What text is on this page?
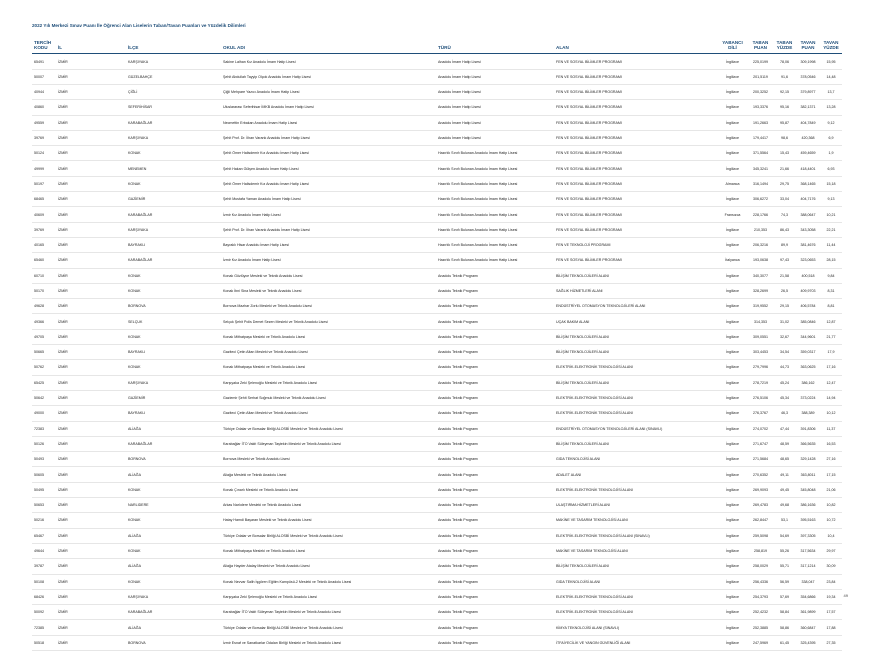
2022 Yılı Merkezi Sınav Puanı İle Öğrenci Alan Liselerin Taban/Tavan Puanları ve Yüzdelik Dilimleri
TERCİH KODU	İL	İLÇE	OKUL ADI	TÜRÜ	ALAN	YABANCI DİLİ	TABAN PUAN	TABAN YÜZDE	TAVAN PUAN	TAVAN YÜZDE
65491	İZMİR	KARŞIYAKA	Sakine Lalhan Kız Anadolu İmam Hatip Lisesi	Anadolu İmam Hatip Lisesi	FEN VE SOSYAL BİLİMLER PROGRAMI	İngilizce	225,0199	78,06	309,1998	15,95
50007	İZMİR	GÜZELBAHÇE	Şehit Abdullah Tayyip Olçok Anadolu İmam Hatip Lisesi	Anadolu İmam Hatip Lisesi	FEN VE SOSYAL BİLİMLER PROGRAMI	İngilizce	201,5119	91,6	378,0546	14,48
40944	İZMİR	ÇİĞLİ	Çiğli Mehpare Yazıcı Anadolu İmam Hatip Lisesi	Anadolu İmam Hatip Lisesi	FEN VE SOSYAL BİLİMLER PROGRAMI	İngilizce	200,3252	92,15	379,8977	13,7
40860	İZMİR	SEFERİHİSAR	Uluslararası Seferihisar İMKB Anadolu İmam Hatip Lisesi	Anadolu İmam Hatip Lisesi	FEN VE SOSYAL BİLİMLER PROGRAMI	İngilizce	193,3376	95,16	382,1371	13,28
49559	İZMİR	KARABAĞLAR	Necmettin Erbakan Anadolu İmam Hatip Lisesi	Anadolu İmam Hatip Lisesi	FEN VE SOSYAL BİLİMLER PROGRAMI	İngilizce	191,2663	95,87	404,7849	9,12
39769	İZMİR	KARŞIYAKA	Şehit Prof. Dr. İlhan Varank Anadolu İmam Hatip Lisesi	Anadolu İmam Hatip Lisesi	FEN VE SOSYAL BİLİMLER PROGRAMI	İngilizce	179,4417	98,6	420,368	6,9
50124	İZMİR	KONAK	Şehit Ömer Halisdemir Kız Anadolu İmam Hatip Lisesi	Hazırlık Sınıfı Bulunan Anadolu İmam Hatip Lisesi	FEN VE SOSYAL BİLİMLER PROGRAMI	İngilizce	371,5564	15,43	459,4659	1,9
49999	İZMİR	MENEMEN	Şehit Hakan Gülşen Anadolu İmam Hatip Lisesi	Hazırlık Sınıfı Bulunan Anadolu İmam Hatip Lisesi	FEN VE SOSYAL BİLİMLER PROGRAMI	İngilizce	345,3241	21,66	418,4401	6,93
50197	İZMİR	KONAK	Şehit Ömer Halisdemir Kız Anadolu İmam Hatip Lisesi	Hazırlık Sınıfı Bulunan Anadolu İmam Hatip Lisesi	FEN VE SOSYAL BİLİMLER PROGRAMI	Almanca	316,1494	29,75	368,1465	15,18
68465	İZMİR	GAZİEMİR	Şehit Mustafa Yaman Anadolu İmam Hatip Lisesi	Hazırlık Sınıfı Bulunan Anadolu İmam Hatip Lisesi	FEN VE SOSYAL BİLİMLER PROGRAMI	İngilizce	306,6272	33,04	404,7176	9,13
40609	İZMİR	KARABAĞLAR	İzmir Kız Anadolu İmam Hatip Lisesi	Hazırlık Sınıfı Bulunan Anadolu İmam Hatip Lisesi	FEN VE SOSYAL BİLİMLER PROGRAMI	Fransızca	228,1766	74,3	388,0647	10,21
39769	İZMİR	KARŞIYAKA	Şehit Prof. Dr. İlhan Varank Anadolu İmam Hatip Lisesi	Hazırlık Sınıfı Bulunan Anadolu İmam Hatip Lisesi	FEN VE SOSYAL BİLİMLER PROGRAMI	İngilizce	210,353	86,43	343,3058	22,21
40165	İZMİR	BAYRAKLI	Bayraklı Hisar Anadolu İmam Hatip Lisesi	Hazırlık Sınıfı Bulunan Anadolu İmam Hatip Lisesi	FEN VE TEKNOLOJİ PROGRAMI	İngilizce	206,3216	89,9	381,4676	11,44
65460	İZMİR	KARABAĞLAR	İzmir Kız Anadolu İmam Hatip Lisesi	Hazırlık Sınıfı Bulunan Anadolu İmam Hatip Lisesi	FEN VE SOSYAL BİLİMLER PROGRAMI	İtalyanca	193,0638	97,43	323,0653	28,15
60710	İZMİR	KONAK	Konak Gözlüyce Mesleki ve Teknik Anadolu Lisesi	Anadolu Teknik Programı	BİLİŞİM TEKNOLOJİLERİ ALANI	İngilizce	340,3077	21,58	400,518	9,84
50170	İZMİR	KONAK	Konak İbni Sina Mesleki ve Teknik Anadolu Lisesi	Anadolu Teknik Programı	SAĞLIK HİZMETLERİ ALANI	İngilizce	328,2699	26,5	409,9703	8,31
49628	İZMİR	BORNOVA	Bornova Mazhar Zorlu Mesleki ve Teknik Anadolu Lisesi	Anadolu Teknik Programı	ENDÜSTRİYEL OTOMASYON TEKNOLOJİLERİ ALANI	İngilizce	319,9552	29,15	406,5784	8,81
49366	İZMİR	SELÇUK	Selçuk Şehit Polis Demet Sezen Mesleki ve Teknik Anadolu Lisesi	Anadolu Teknik Programı	UÇAK BAKIM ALANI	İngilizce	314,353	31,02	385,0846	12,87
49705	İZMİR	KONAK	Konak Mithatpaşa Mesleki ve Teknik Anadolu Lisesi	Anadolu Teknik Programı	BİLİŞİM TEKNOLOJİLERİ ALANI	İngilizce	309,0551	32,67	344,9601	21,77
50665	İZMİR	BAYRAKLI	Gaziteci Çetin Altan Mesleki ve Teknik Anadolu Lisesi	Anadolu Teknik Programı	BİLİŞİM TEKNOLOJİLERİ ALANI	İngilizce	303,4453	34,54	359,0317	17,9
50762	İZMİR	KONAK	Konak Mithatpaşa Mesleki ve Teknik Anadolu Lisesi	Anadolu Teknik Programı	ELEKTRİK-ELEKTRONİK TEKNOLOJİSİ ALANI	İngilizce	279,7996	44,73	363,0625	17,16
65425	İZMİR	KARŞIYAKA	Karşıyaka Zeki Şelenoğlu Mesleki ve Teknik Anadolu Lisesi	Anadolu Teknik Programı	BİLİŞİM TEKNOLOJİLERİ ALANI	İngilizce	278,7219	45,24	386,162	12,47
50642	İZMİR	GAZİEMİR	Gaziemir Şehit Serhat Soğmuk Mesleki ve Teknik Anadolu Lisesi	Anadolu Teknik Programı	ELEKTRİK-ELEKTRONİK TEKNOLOJİSİ ALANI	İngilizce	276,5106	45,34	373,0224	14,94
49000	İZMİR	BAYRAKLI	Gaziteci Çetin Altan Mesleki ve Teknik Anadolu Lisesi	Anadolu Teknik Programı	ELEKTRİK-ELEKTRONİK TEKNOLOJİSİ ALANI	İngilizce	276,3767	46,3	388,389	10,12
72383	İZMİR	ALİAĞA	Türkiye Odalar ve Borsalar Birliği ALOSBİ Mesleki ve Teknik Anadolu Lisesi	Anadolu Teknik Programı	ENDÜSTRİYEL OTOMASYON TEKNOLOJİLERİ ALANI (SINAVLI)	İngilizce	274,0702	47,44	391,8306	11,37
50126	İZMİR	KARABAĞLAR	Karabağlar İTO Vakfı Süleyman Taştekin Mesleki ve Teknik Anadolu Lisesi	Anadolu Teknik Programı	BİLİŞİM TEKNOLOJİLERİ ALANI	İngilizce	271,6747	48,59	366,5635	16,53
50493	İZMİR	BORNOVA	Bornova Mesleki ve Teknik Anadolu Lisesi	Anadolu Teknik Programı	GIDA TEKNOLOJİSİ ALANI	İngilizce	271,5684	48,65	329,1428	27,16
50605	İZMİR	ALİAĞA	Aliağa Mesleki ve Teknik Anadolu Lisesi	Anadolu Teknik Programı	ADALET ALANI	İngilizce	270,6352	49,11	363,8011	17,15
50495	İZMİR	KONAK	Konak Çınarlı Mesleki ve Teknik Anadolu Lisesi	Anadolu Teknik Programı	ELEKTRİK-ELEKTRONİK TEKNOLOJİSİ ALANI	İngilizce	269,9093	49,45	345,8048	21,06
50653	İZMİR	NARLIDERE	Arkas Narlıdere Mesleki ve Teknik Anadolu Lisesi	Anadolu Teknik Programı	ULAŞTIRMA HİZMETLERİ ALANI	İngilizce	269,4783	49,68	386,1636	10,82
50216	İZMİR	KONAK	Hatay Hamdi Başaran Mesleki ve Teknik Anadolu Lisesi	Anadolu Teknik Programı	MAKİNE VE TASARIM TEKNOLOJİSİ ALANI	İngilizce	262,8447	53,1	395,5163	10,72
65467	İZMİR	ALİAĞA	Türkiye Odalar ve Borsalar Birliği ALOSBİ Mesleki ve Teknik Anadolu Lisesi	Anadolu Teknik Programı	ELEKTRİK-ELEKTRONİK TEKNOLOJİSİ ALANI (SINAVLI)	İngilizce	259,5098	54,69	397,3305	10,4
49644	İZMİR	KONAK	Konak Mithatpaşa Mesleki ve Teknik Anadolu Lisesi	Anadolu Teknik Programı	MAKİNE VE TASARIM TEKNOLOJİSİ ALANI	İngilizce	258,819	55,26	317,5634	29,97
39787	İZMİR	ALİAĞA	Aliağa Hayder Atalay Mesleki ve Teknik Anadolu Lisesi	Anadolu Teknik Programı	BİLİŞİM TEKNOLOJİLERİ ALANI	İngilizce	258,0029	55,71	317,1214	30,09
50108	İZMİR	KONAK	Konak Nevvar Salih İşgören Eğitim Kampüsü-2 Mesleki ve Teknik Anadolu Lisesi	Anadolu Teknik Programı	GIDA TEKNOLOJİSİ ALANI	İngilizce	256,4336	56,59	338,047	23,84
68426	İZMİR	KARŞIYAKA	Karşıyaka Zeki Şelenoğlu Mesleki ve Teknik Anadolu Lisesi	Anadolu Teknik Programı	ELEKTRİK-ELEKTRONİK TEKNOLOJİSİ ALANI	İngilizce	254,3793	57,69	354,6866	19,34
50092	İZMİR	KARABAĞLAR	Karabağlar İTO Vakfı Süleyman Taştekin Mesleki ve Teknik Anadolu Lisesi	Anadolu Teknik Programı	ELEKTRİK-ELEKTRONİK TEKNOLOJİSİ ALANI	İngilizce	252,4232	58,84	361,9899	17,57
72385	İZMİR	ALİAĞA	Türkiye Odalar ve Borsalar Birliği ALOSBİ Mesleki ve Teknik Anadolu Lisesi	Anadolu Teknik Programı	KİMYA TEKNOLOJİSİ ALANI (SINAVLI)	İngilizce	252,3885	58,86	360,6847	17,88
50518	İZMİR	BORNOVA	İzmir Esnaf ve Sanatkarlar Odaları Birliği Mesleki ve Teknik Anadolu Lisesi	Anadolu Teknik Programı	İTFAİYECİLİK VE YANGIN GÜVENLİĞİ ALANI	İngilizce	247,5969	61,45	325,4395	27,35
49
